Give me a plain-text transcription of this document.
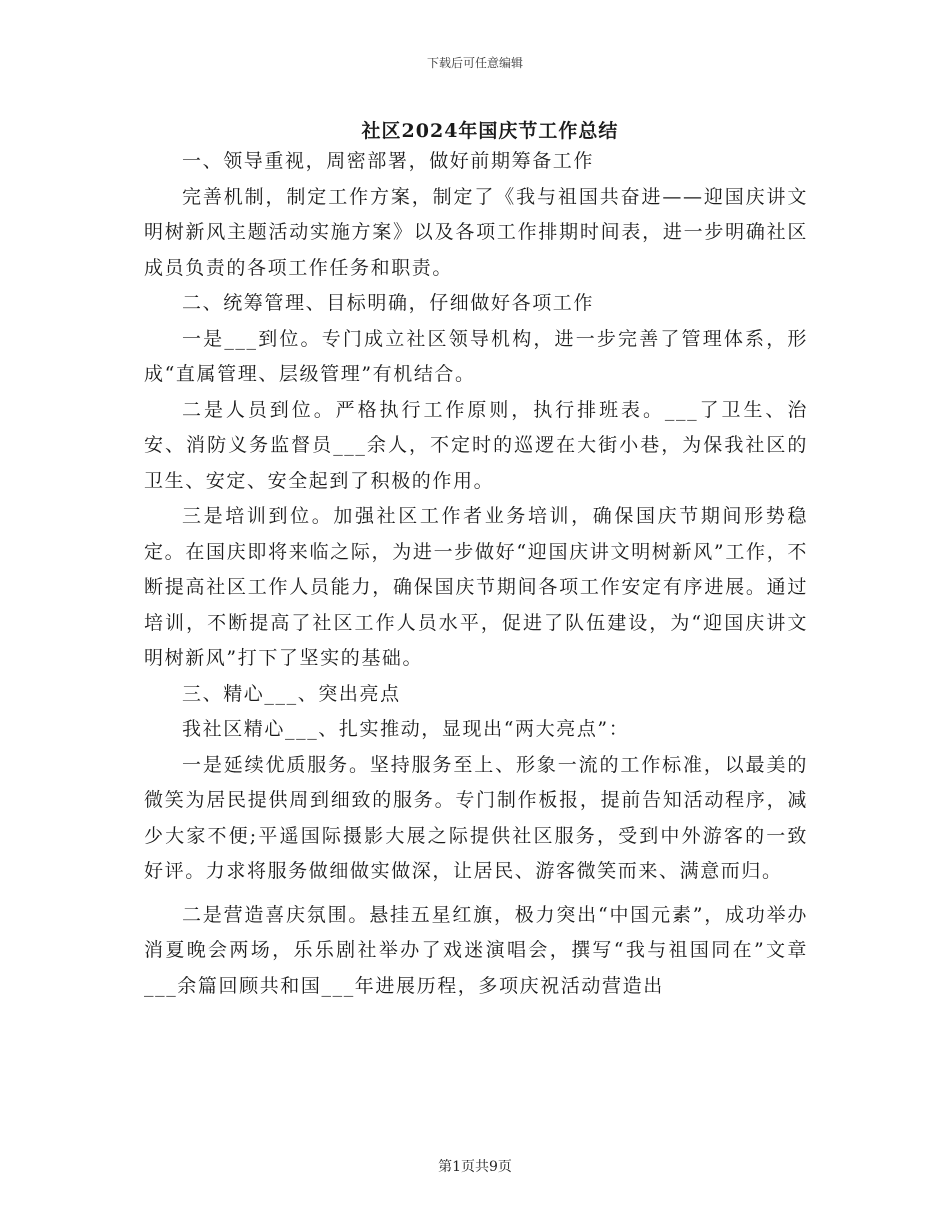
下载后可任意编辑
社区2024年国庆节工作总结

一、领导重视，周密部署，做好前期筹备工作

完善机制，制定工作方案，制定了《我与祖国共奋进——迎国庆讲文明树新风主题活动实施方案》以及各项工作排期时间表，进一步明确社区成员负责的各项工作任务和职责。

二、统筹管理、目标明确，仔细做好各项工作

一是___到位。专门成立社区领导机构，进一步完善了管理体系，形成“直属管理、层级管理”有机结合。

二是人员到位。严格执行工作原则，执行排班表。___了卫生、治安、消防义务监督员___余人，不定时的巡逻在大街小巷，为保我社区的卫生、安定、安全起到了积极的作用。

三是培训到位。加强社区工作者业务培训，确保国庆节期间形势稳定。在国庆即将来临之际，为进一步做好“迎国庆讲文明树新风”工作，不断提高社区工作人员能力，确保国庆节期间各项工作安定有序进展。通过培训，不断提高了社区工作人员水平，促进了队伍建设，为“迎国庆讲文明树新风”打下了坚实的基础。

三、精心___、突出亮点

我社区精心___、扎实推动，显现出“两大亮点”：

一是延续优质服务。坚持服务至上、形象一流的工作标准，以最美的微笑为居民提供周到细致的服务。专门制作板报，提前告知活动程序，减少大家不便;平遥国际摄影大展之际提供社区服务，受到中外游客的一致好评。力求将服务做细做实做深，让居民、游客微笑而来、满意而归。

二是营造喜庆氛围。悬挂五星红旗，极力突出“中国元素”，成功举办消夏晚会两场，乐乐剧社举办了戏迷演唱会，撰写“我与祖国同在”文章___余篇回顾共和国___年进展历程，多项庆祝活动营造出

第1页共9页
